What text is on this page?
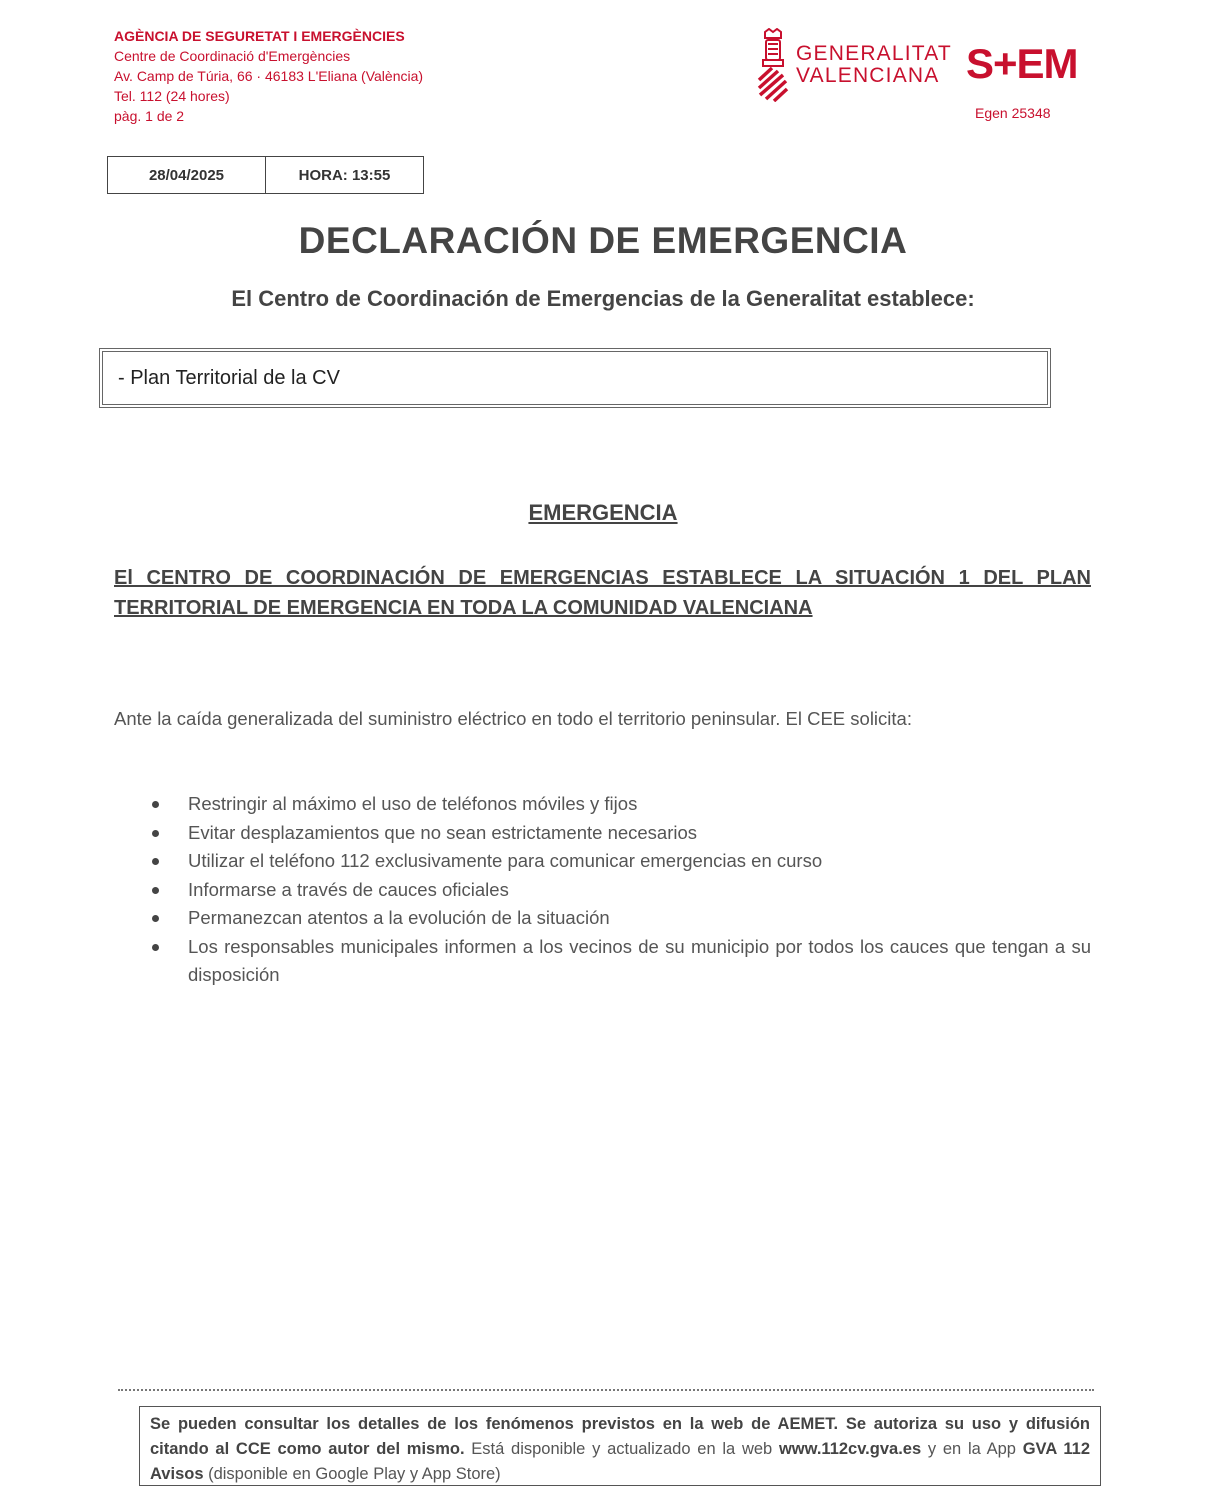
AGÈNCIA DE SEGURETAT I EMERGÈNCIES
Centre de Coordinació d'Emergències
Av. Camp de Túria, 66 · 46183 L'Eliana (València)
Tel. 112 (24 hores)
pàg. 1 de 2
GENERALITAT
VALENCIANA S+EM
Egen 25348
28/04/2025	HORA: 13:55
DECLARACIÓN DE EMERGENCIA
El Centro de Coordinación de Emergencias de la Generalitat establece:
- Plan Territorial de la CV
EMERGENCIA
El CENTRO DE COORDINACIÓN DE EMERGENCIAS ESTABLECE LA SITUACIÓN 1 DEL PLAN TERRITORIAL DE EMERGENCIA EN TODA LA COMUNIDAD VALENCIANA
Ante la caída generalizada del suministro eléctrico en todo el territorio peninsular. El CEE solicita:
Restringir al máximo el uso de teléfonos móviles y fijos
Evitar desplazamientos que no sean estrictamente necesarios
Utilizar el teléfono 112 exclusivamente para comunicar emergencias en curso
Informarse a través de cauces oficiales
Permanezcan atentos a la evolución de la situación
Los responsables municipales informen a los vecinos de su municipio por todos los cauces que tengan a su disposición
Se pueden consultar los detalles de los fenómenos previstos en la web de AEMET. Se autoriza su uso y difusión citando al CCE como autor del mismo. Está disponible y actualizado en la web www.112cv.gva.es y en la App GVA 112 Avisos (disponible en Google Play y App Store)
